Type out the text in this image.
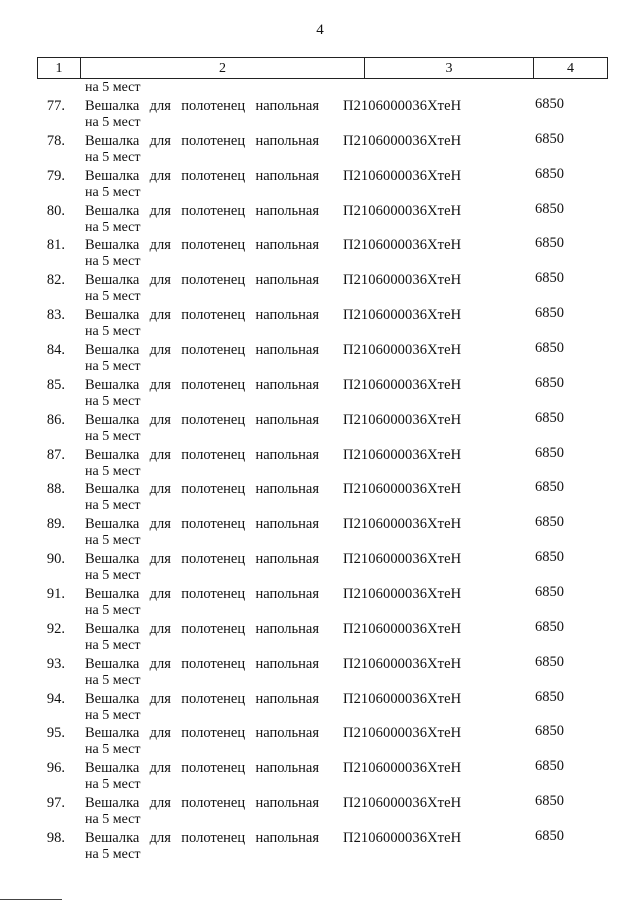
4
1	2	3	4
на 5 мест
77. Вешалка для полотенец напольная
на 5 мест
П2106000036ХтеН	6850
78. Вешалка для полотенец напольная
на 5 мест
П2106000036ХтеН	6850
79. Вешалка для полотенец напольная
на 5 мест
П2106000036ХтеН	6850
80. Вешалка для полотенец напольная
на 5 мест
П2106000036ХтеН	6850
81. Вешалка для полотенец напольная
на 5 мест
П2106000036ХтеН	6850
82. Вешалка для полотенец напольная
на 5 мест
П2106000036ХтеН	6850
83. Вешалка для полотенец напольная
на 5 мест
П2106000036ХтеН	6850
84. Вешалка для полотенец напольная
на 5 мест
П2106000036ХтеН	6850
85. Вешалка для полотенец напольная
на 5 мест
П2106000036ХтеН	6850
86. Вешалка для полотенец напольная
на 5 мест
П2106000036ХтеН	6850
87. Вешалка для полотенец напольная
на 5 мест
П2106000036ХтеН	6850
88. Вешалка для полотенец напольная
на 5 мест
П2106000036ХтеН	6850
89. Вешалка для полотенец напольная
на 5 мест
П2106000036ХтеН	6850
90. Вешалка для полотенец напольная
на 5 мест
П2106000036ХтеН	6850
91. Вешалка для полотенец напольная
на 5 мест
П2106000036ХтеН	6850
92. Вешалка для полотенец напольная
на 5 мест
П2106000036ХтеН	6850
93. Вешалка для полотенец напольная
на 5 мест
П2106000036ХтеН	6850
94. Вешалка для полотенец напольная
на 5 мест
П2106000036ХтеН	6850
95. Вешалка для полотенец напольная
на 5 мест
П2106000036ХтеН	6850
96. Вешалка для полотенец напольная
на 5 мест
П2106000036ХтеН	6850
97. Вешалка для полотенец напольная
на 5 мест
П2106000036ХтеН	6850
98. Вешалка для полотенец напольная
на 5 мест
П2106000036ХтеН	6850
